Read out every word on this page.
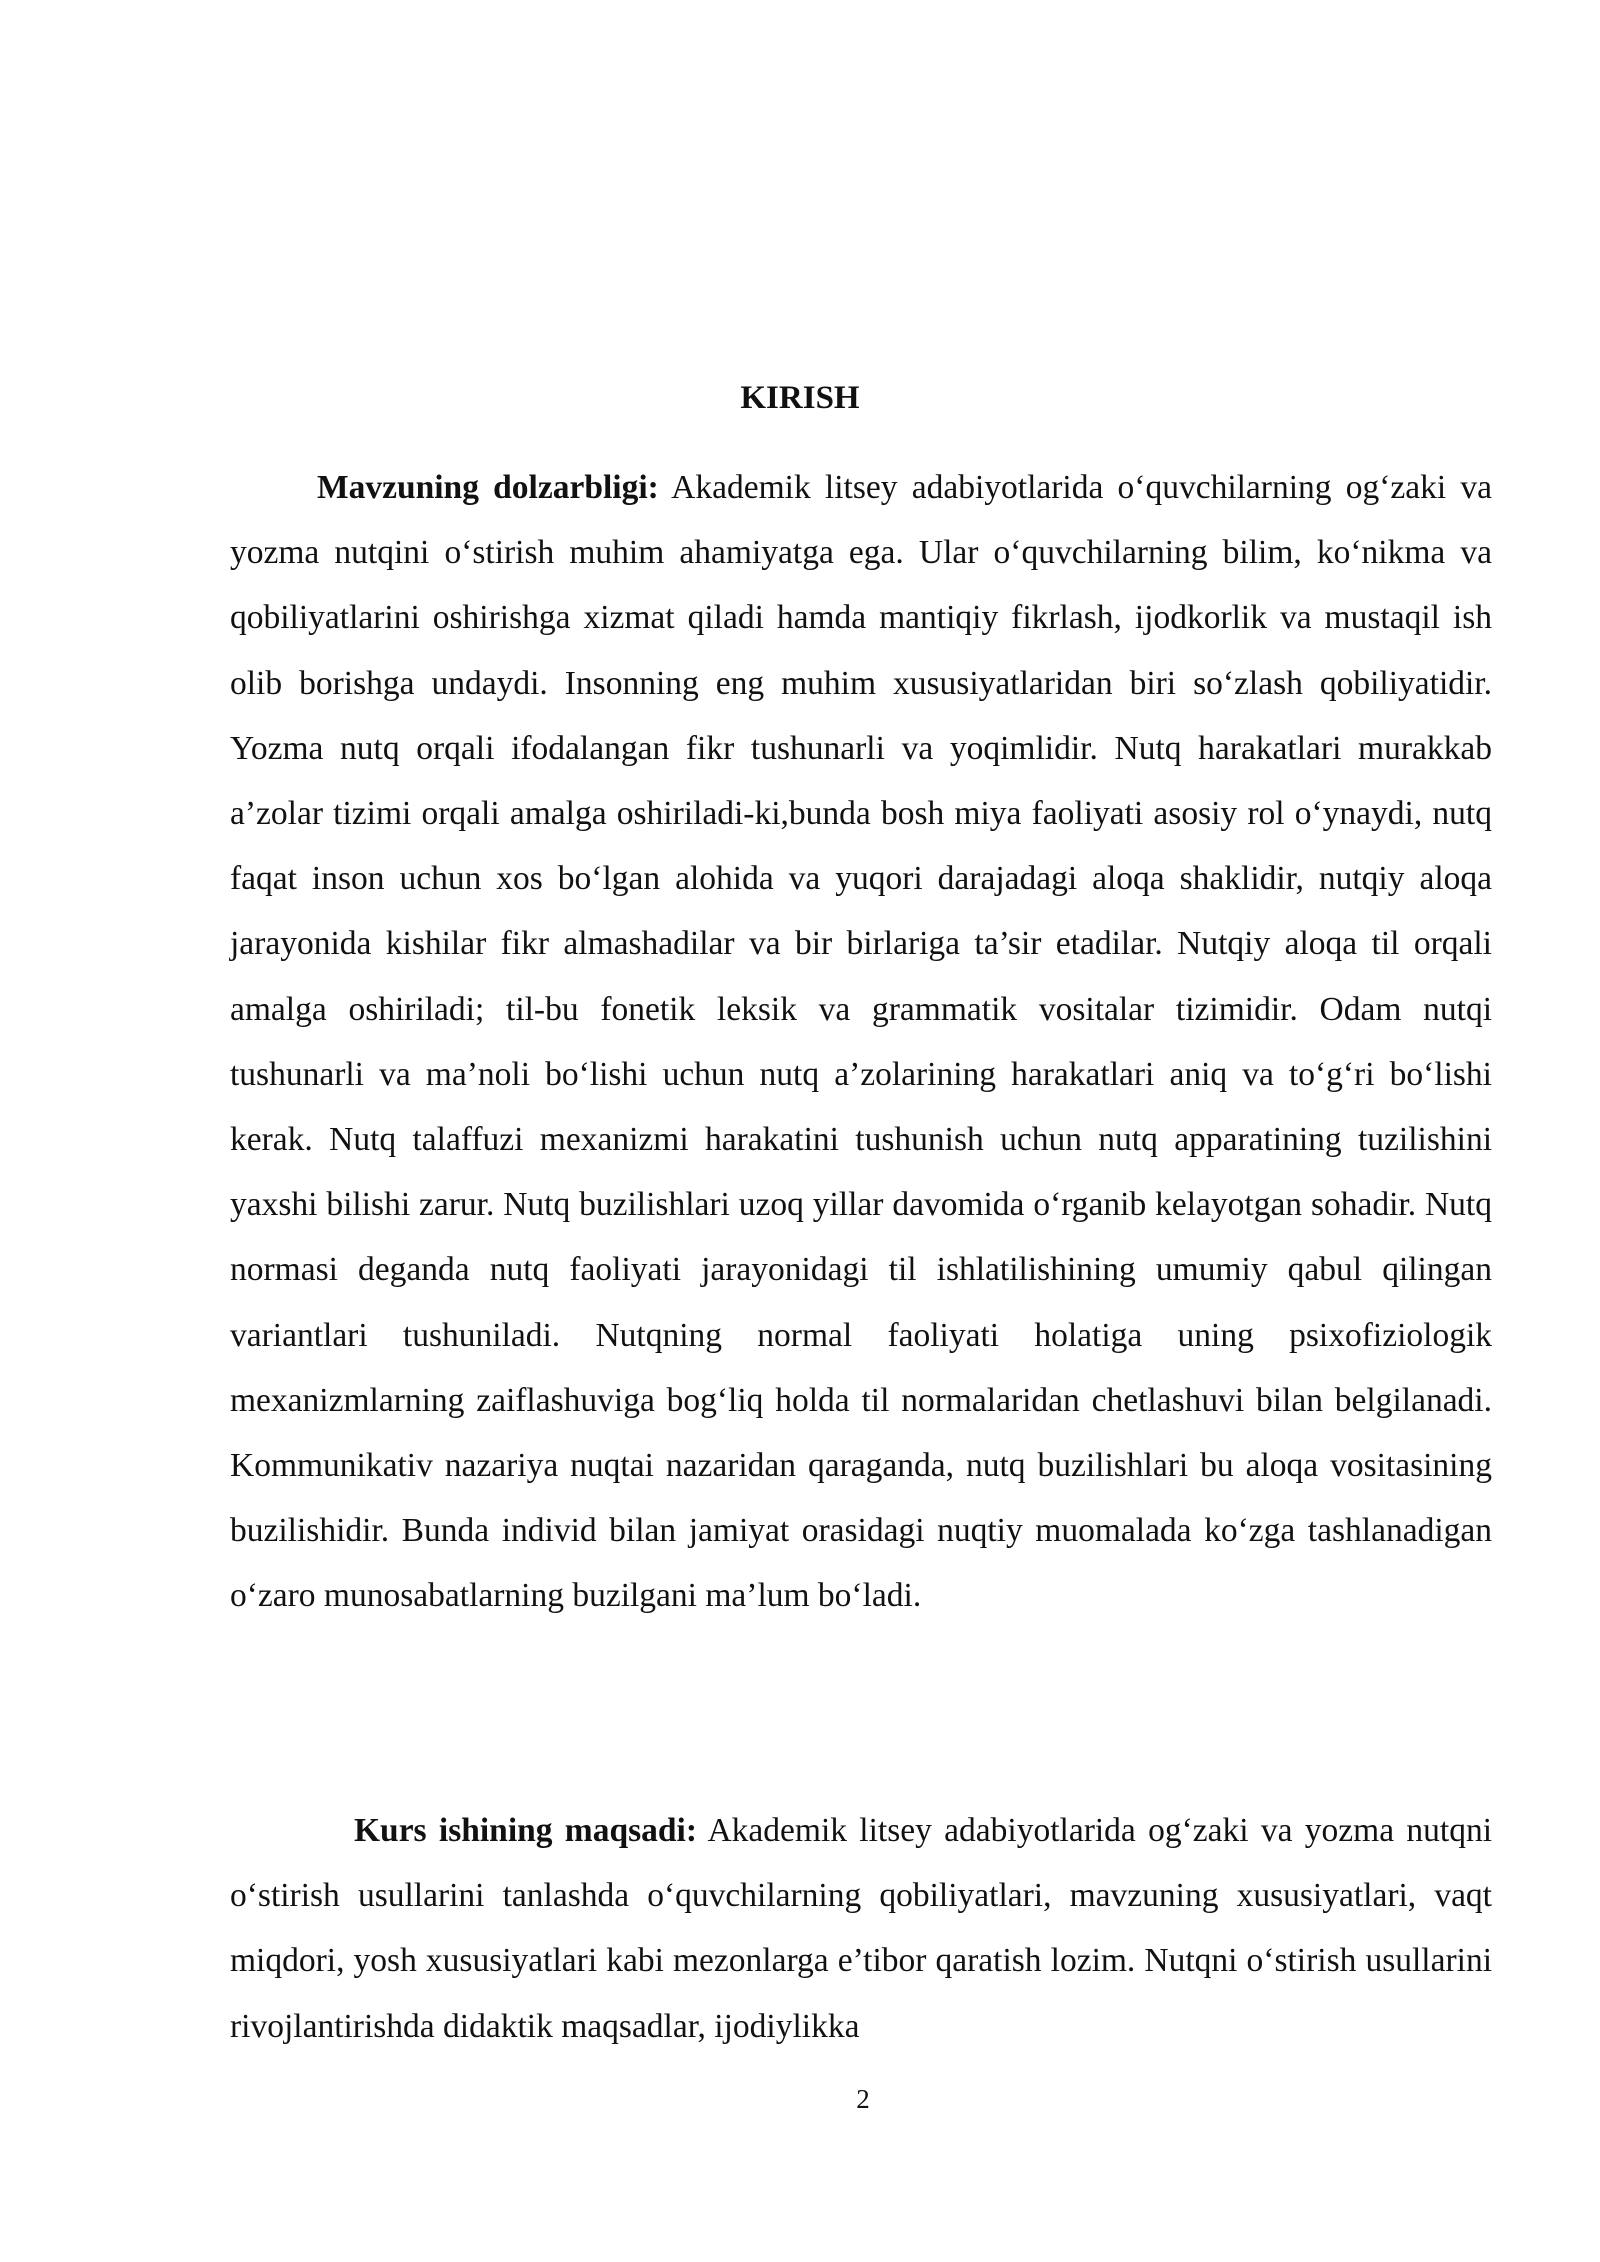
KIRISH

Mavzuning dolzarbligi: Akademik litsey adabiyotlarida o‘quvchilarning og‘zaki va yozma nutqini o‘stirish muhim ahamiyatga ega. Ular o‘quvchilarning bilim, ko‘nikma va qobiliyatlarini oshirishga xizmat qiladi hamda mantiqiy fikrlash, ijodkorlik va mustaqil ish olib borishga undaydi. Insonning eng muhim xususiyatlaridan biri so‘zlash qobiliyatidir. Yozma nutq orqali ifodalangan fikr tushunarli va yoqimlidir. Nutq harakatlari murakkab a’zolar tizimi orqali amalga oshiriladi-ki,bunda bosh miya faoliyati asosiy rol o‘ynaydi, nutq faqat inson uchun xos bo‘lgan alohida va yuqori darajadagi aloqa shaklidir, nutqiy aloqa jarayonida kishilar fikr almashadilar va bir birlariga ta’sir etadilar. Nutqiy aloqa til orqali amalga oshiriladi; til-bu fonetik leksik va grammatik vositalar tizimidir. Odam nutqi tushunarli va ma’noli bo‘lishi uchun nutq a’zolarining harakatlari aniq va to‘g‘ri bo‘lishi kerak. Nutq talaffuzi mexanizmi harakatini tushunish uchun nutq apparatining tuzilishini yaxshi bilishi zarur. Nutq buzilishlari uzoq yillar davomida o‘rganib kelayotgan sohadir. Nutq normasi deganda nutq faoliyati jarayonidagi til ishlatilishining umumiy qabul qilingan variantlari tushuniladi. Nutqning normal faoliyati holatiga uning psixofiziologik mexanizmlarning zaiflashuviga bog‘liq holda til normalaridan chetlashuvi bilan belgilanadi. Kommunikativ nazariya nuqtai nazaridan qaraganda, nutq buzilishlari bu aloqa vositasining buzilishidir. Bunda individ bilan jamiyat orasidagi nuqtiy muomalada ko‘zga tashlanadigan o‘zaro munosabatlarning buzilgani ma’lum bo‘ladi.

Kurs ishining maqsadi: Akademik litsey adabiyotlarida og‘zaki va yozma nutqni o‘stirish usullarini tanlashda o‘quvchilarning qobiliyatlari, mavzuning xususiyatlari, vaqt miqdori, yosh xususiyatlari kabi mezonlarga e’tibor qaratish lozim. Nutqni o‘stirish usullarini rivojlantirishda didaktik maqsadlar, ijodiylikka

2
